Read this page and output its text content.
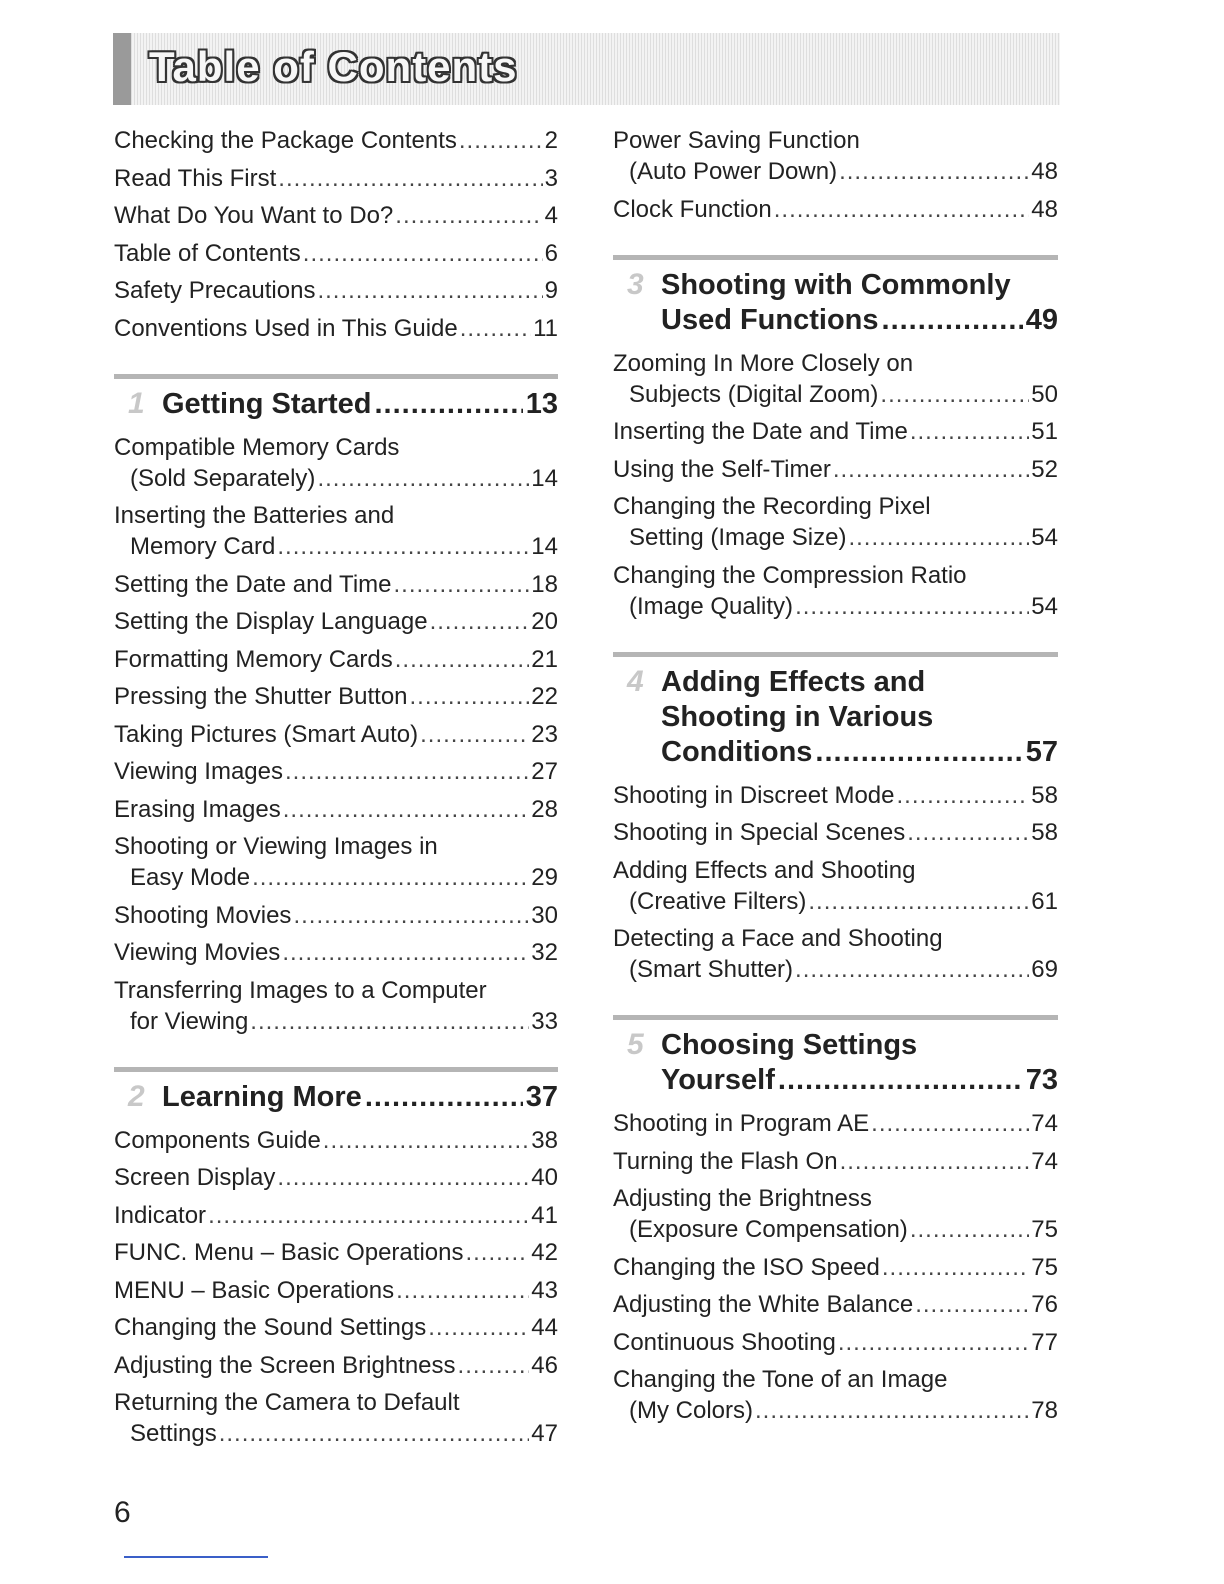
Table of Contents
Checking the Package Contents .....	2
Read This First .....	3
What Do You Want to Do? .....	4
Table of Contents .....	6
Safety Precautions .....	9
Conventions Used in This Guide .....	11
1 Getting Started .....	13
Compatible Memory Cards
(Sold Separately) .....	14
Inserting the Batteries and
Memory Card .....	14
Setting the Date and Time .....	18
Setting the Display Language .....	20
Formatting Memory Cards .....	21
Pressing the Shutter Button .....	22
Taking Pictures (Smart Auto) .....	23
Viewing Images .....	27
Erasing Images .....	28
Shooting or Viewing Images in
Easy Mode .....	29
Shooting Movies .....	30
Viewing Movies .....	32
Transferring Images to a Computer
for Viewing .....	33
2 Learning More .....	37
Components Guide .....	38
Screen Display .....	40
Indicator .....	41
FUNC. Menu – Basic Operations .....	42
MENU – Basic Operations .....	43
Changing the Sound Settings .....	44
Adjusting the Screen Brightness .....	46
Returning the Camera to Default
Settings .....	47
Power Saving Function
(Auto Power Down) .....	48
Clock Function .....	48
3 Shooting with Commonly
Used Functions .....	49
Zooming In More Closely on
Subjects (Digital Zoom) .....	50
Inserting the Date and Time .....	51
Using the Self-Timer .....	52
Changing the Recording Pixel
Setting (Image Size) .....	54
Changing the Compression Ratio
(Image Quality) .....	54
4 Adding Effects and
Shooting in Various
Conditions .....	57
Shooting in Discreet Mode .....	58
Shooting in Special Scenes .....	58
Adding Effects and Shooting
(Creative Filters) .....	61
Detecting a Face and Shooting
(Smart Shutter) .....	69
5 Choosing Settings
Yourself .....	73
Shooting in Program AE .....	74
Turning the Flash On .....	74
Adjusting the Brightness
(Exposure Compensation) .....	75
Changing the ISO Speed .....	75
Adjusting the White Balance .....	76
Continuous Shooting .....	77
Changing the Tone of an Image
(My Colors) .....	78
6
